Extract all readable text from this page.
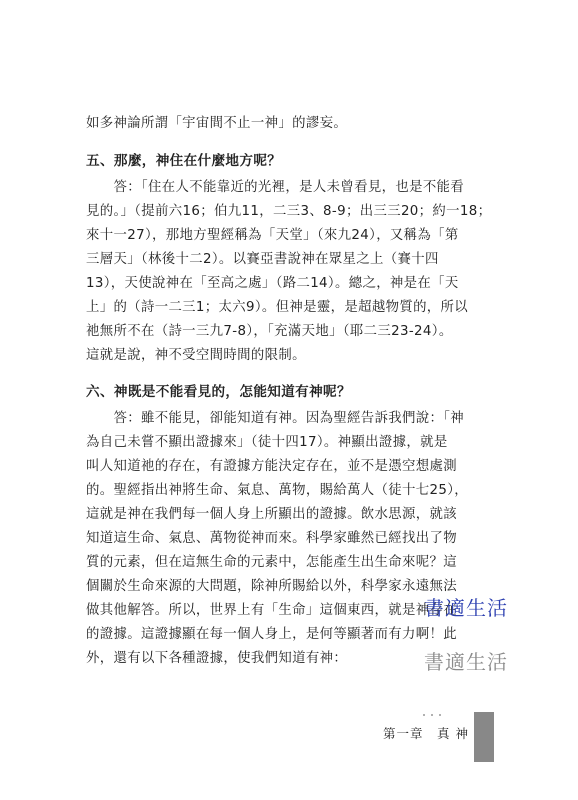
如多神論所謂「宇宙間不止一神」的謬妄。
五、那麼，神住在什麼地方呢？
　　答：「住在人不能靠近的光裡，是人未曾看見，也是不能看
見的。」（提前六16；伯九11，二三3、8-9；出三三20；約一18；
來十一27），那地方聖經稱為「天堂」（來九24），又稱為「第
三層天」（林後十二2）。以賽亞書說神在眾星之上（賽十四
13），天使說神在「至高之處」（路二14）。總之，神是在「天
上」的（詩一二三1；太六9）。但神是靈，是超越物質的，所以
祂無所不在（詩一三九7-8），「充滿天地」（耶二三23-24）。
這就是說，神不受空間時間的限制。
六、神既是不能看見的，怎能知道有神呢？
　　答：雖不能見，卻能知道有神。因為聖經告訴我們說：「神
為自己未嘗不顯出證據來」（徒十四17）。神顯出證據，就是
叫人知道祂的存在，有證據方能決定存在，並不是憑空想處測
的。聖經指出神將生命、氣息、萬物，賜給萬人（徒十七25），
這就是神在我們每一個人身上所顯出的證據。飲水思源，就該
知道這生命、氣息、萬物從神而來。科學家雖然已經找出了物
質的元素，但在這無生命的元素中，怎能產生出生命來呢？這
個關於生命來源的大問題，除神所賜給以外，科學家永遠無法
做其他解答。所以，世界上有「生命」這個東西，就是神存在
的證據。這證據顯在每一個人身上，是何等顯著而有力啊！此
外，還有以下各種證據，使我們知道有神：
書適生活
書適生活
第一章　真 神
